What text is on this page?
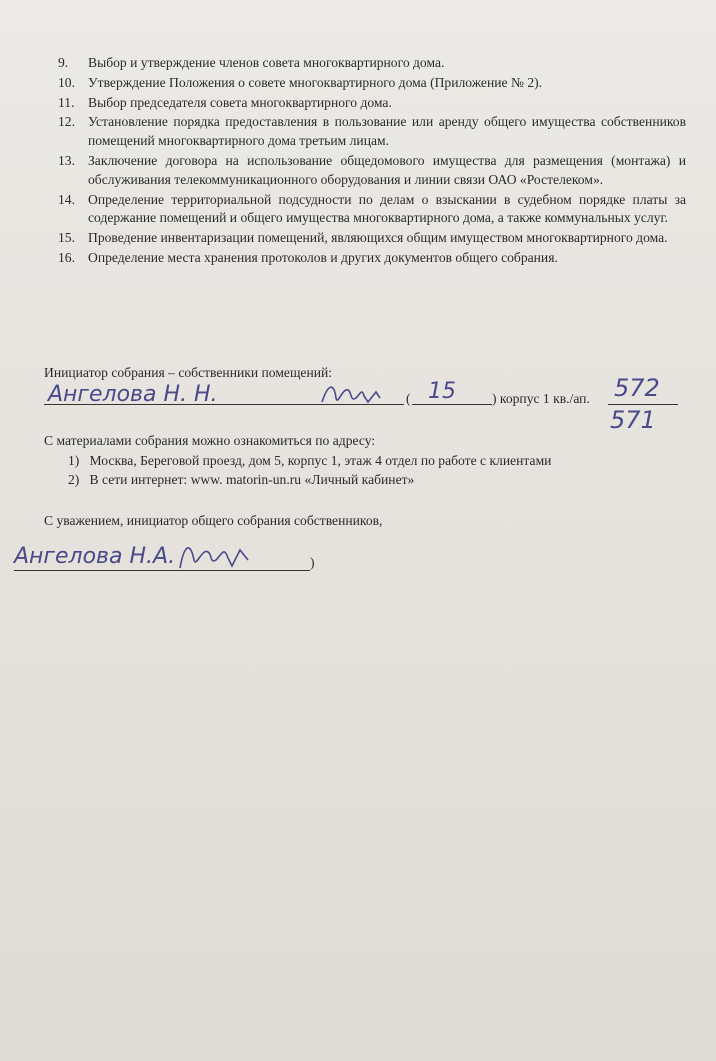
9.	Выбор и утверждение членов совета многоквартирного дома.
10. Утверждение Положения о совете многоквартирного дома (Приложение № 2).
11. Выбор председателя совета многоквартирного дома.
12. Установление порядка предоставления в пользование или аренду общего имущества собственников помещений многоквартирного дома третьим лицам.
13. Заключение договора на использование общедомового имущества для размещения (монтажа) и обслуживания телекоммуникационного оборудования и линии связи ОАО «Ростелеком».
14. Определение территориальной подсудности по делам о взыскании в судебном порядке платы за содержание помещений и общего имущества многоквартирного дома, а также коммунальных услуг.
15. Проведение инвентаризации помещений, являющихся общим имуществом многоквартирного дома.
16. Определение места хранения протоколов и других документов общего собрания.
Инициатор собрания – собственники помещений:
Ангелова Н. Н.	( 15	) корпус 1 кв./ап. 572
571
С материалами собрания можно ознакомиться по адресу:
1) Москва, Береговой проезд, дом 5, корпус 1, этаж 4 отдел по работе с клиентами
2) В сети интернет: www. matorin-un.ru «Личный кабинет»
С уважением, инициатор общего собрания собственников,
Ангелова Н.А.	)
